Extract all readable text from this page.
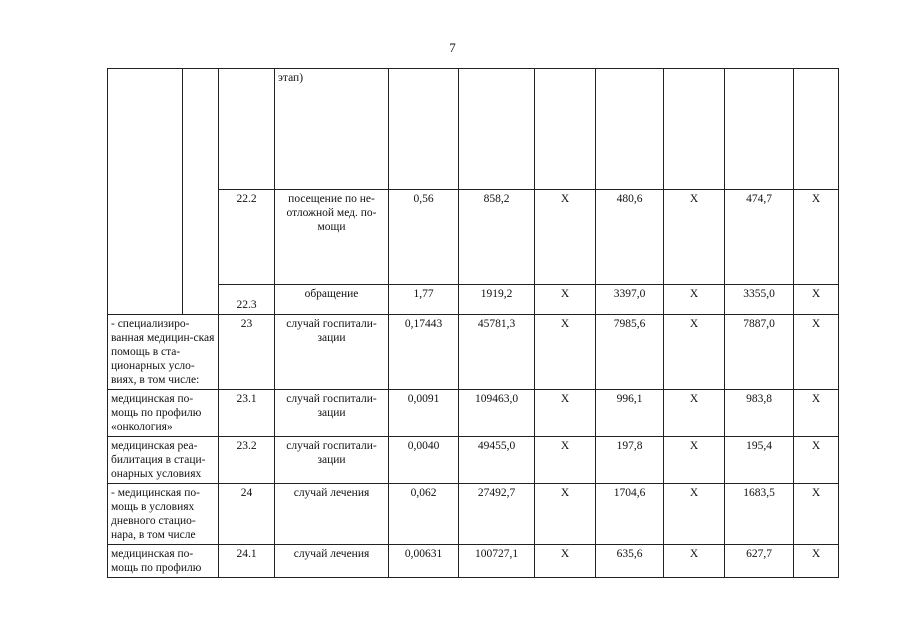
7
			этап)							
		22.2	посещение по не-отложной мед. по-мощи	0,56	858,2	X	480,6	X	474,7	X
		22.3	обращение	1,77	1919,2	X	3397,0	X	3355,0	X
- специализиро-ванная медицин-ская помощь в ста-ционарных усло-виях, в том числе:		23	случай госпитали-зации	0,17443	45781,3	X	7985,6	X	7887,0	X
медицинская по-мощь по профилю «онкология»		23.1	случай госпитали-зации	0,0091	109463,0	X	996,1	X	983,8	X
медицинская реа-билитация в стаци-онарных условиях		23.2	случай госпитали-зации	0,0040	49455,0	X	197,8	X	195,4	X
- медицинская по-мощь в условиях дневного стацио-нара, в том числе		24	случай лечения	0,062	27492,7	X	1704,6	X	1683,5	X
медицинская по-мощь по профилю		24.1	случай лечения	0,00631	100727,1	X	635,6	X	627,7	X
